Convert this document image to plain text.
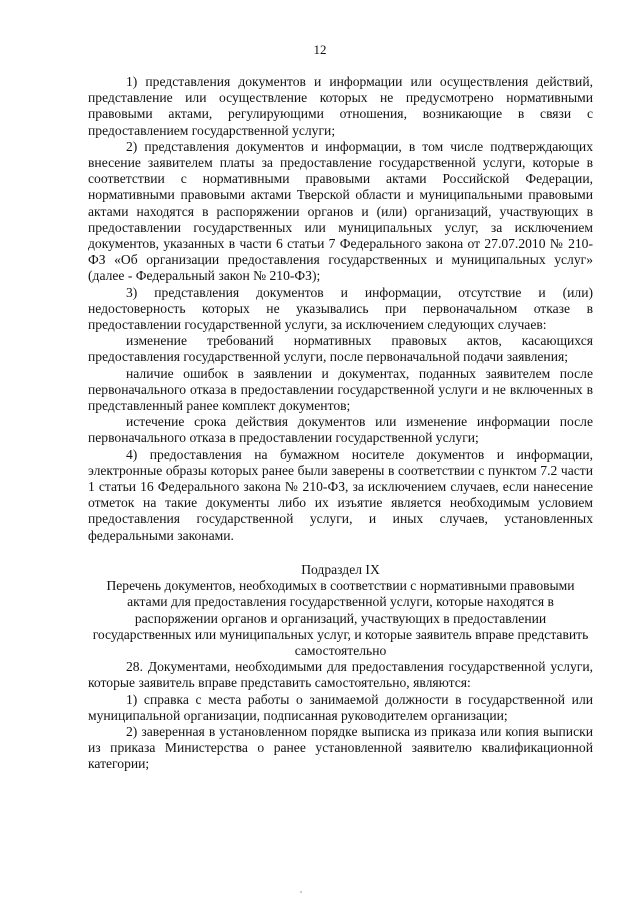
12

1) представления документов и информации или осуществления действий, представление или осуществление которых не предусмотрено нормативными правовыми актами, регулирующими отношения, возникающие в связи с предоставлением государственной услуги;

2) представления документов и информации, в том числе подтверждающих внесение заявителем платы за предоставление государственной услуги, которые в соответствии с нормативными правовыми актами Российской Федерации, нормативными правовыми актами Тверской области и муниципальными правовыми актами находятся в распоряжении органов и (или) организаций, участвующих в предоставлении государственных или муниципальных услуг, за исключением документов, указанных в части 6 статьи 7 Федерального закона от 27.07.2010 № 210-ФЗ «Об организации предоставления государственных и муниципальных услуг» (далее - Федеральный закон № 210-ФЗ);

3) представления документов и информации, отсутствие и (или) недостоверность которых не указывались при первоначальном отказе в предоставлении государственной услуги, за исключением следующих случаев:

изменение требований нормативных правовых актов, касающихся предоставления государственной услуги, после первоначальной подачи заявления;

наличие ошибок в заявлении и документах, поданных заявителем после первоначального отказа в предоставлении государственной услуги и не включенных в представленный ранее комплект документов;

истечение срока действия документов или изменение информации после первоначального отказа в предоставлении государственной услуги;

4) предоставления на бумажном носителе документов и информации, электронные образы которых ранее были заверены в соответствии с пунктом 7.2 части 1 статьи 16 Федерального закона № 210-ФЗ, за исключением случаев, если нанесение отметок на такие документы либо их изъятие является необходимым условием предоставления государственной услуги, и иных случаев, установленных федеральными законами.

Подраздел IX

Перечень документов, необходимых в соответствии с нормативными правовыми актами для предоставления государственной услуги, которые находятся в распоряжении органов и организаций, участвующих в предоставлении государственных или муниципальных услуг, и которые заявитель вправе представить самостоятельно

28. Документами, необходимыми для предоставления государственной услуги, которые заявитель вправе представить самостоятельно, являются:

1) справка с места работы о занимаемой должности в государственной или муниципальной организации, подписанная руководителем организации;

2) заверенная в установленном порядке выписка из приказа или копия выписки из приказа Министерства о ранее установленной заявителю квалификационной категории;
